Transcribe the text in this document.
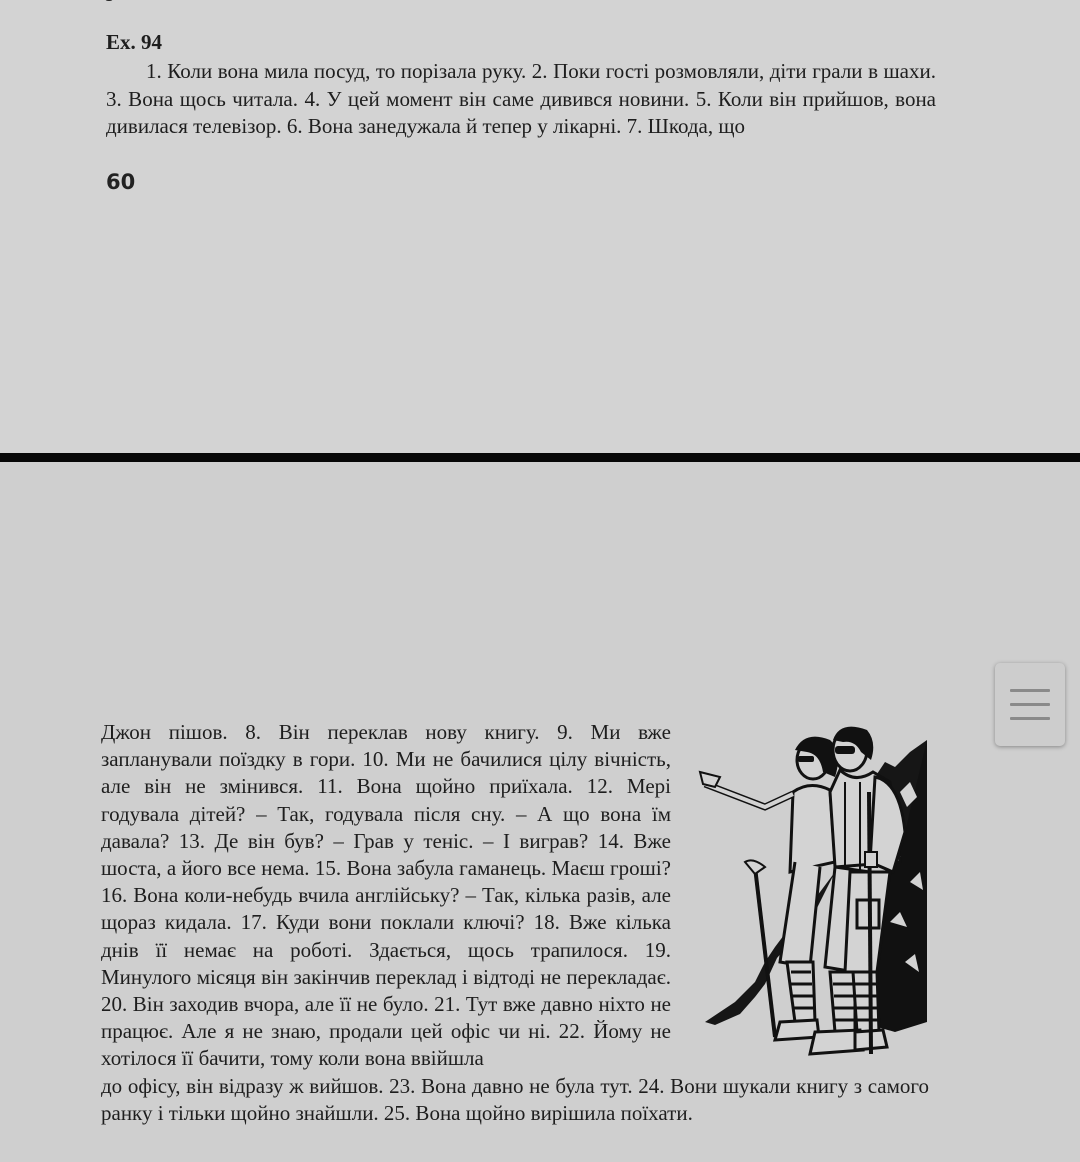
Ex. 94

1. Коли вона мила посуд, то порізала руку. 2. Поки гості розмовляли, діти грали в шахи. 3. Вона щось читала. 4. У цей момент він саме дивився новини. 5. Коли він прийшов, вона дивилася телевізор. 6. Вона занедужала й тепер у лікарні. 7. Шкода, що

60

Джон пішов. 8. Він переклав нову книгу. 9. Ми вже запланували поїздку в гори. 10. Ми не бачилися цілу вічність, але він не змінився. 11. Вона щойно приїхала. 12. Мері годувала дітей? – Так, годувала після сну. – А що вона їм давала? 13. Де він був? – Грав у теніс. – І виграв? 14. Вже шоста, а його все нема. 15. Вона забула гаманець. Маєш гроші? 16. Вона коли-небудь вчила англійську? – Так, кілька разів, але щораз кидала. 17. Куди вони поклали ключі? 18. Вже кілька днів її немає на роботі. Здається, щось трапилося. 19. Минулого місяця він закінчив переклад і відтоді не перекладає. 20. Він заходив вчора, але її не було. 21. Тут вже давно ніхто не працює. Але я не знаю, продали цей офіс чи ні. 22. Йому не хотілося її бачити, тому коли вона ввійшла

до офісу, він відразу ж вийшов. 23. Вона давно не була тут. 24. Вони шукали книгу з самого ранку і тільки щойно знайшли. 25. Вона щойно вирішила поїхати.
